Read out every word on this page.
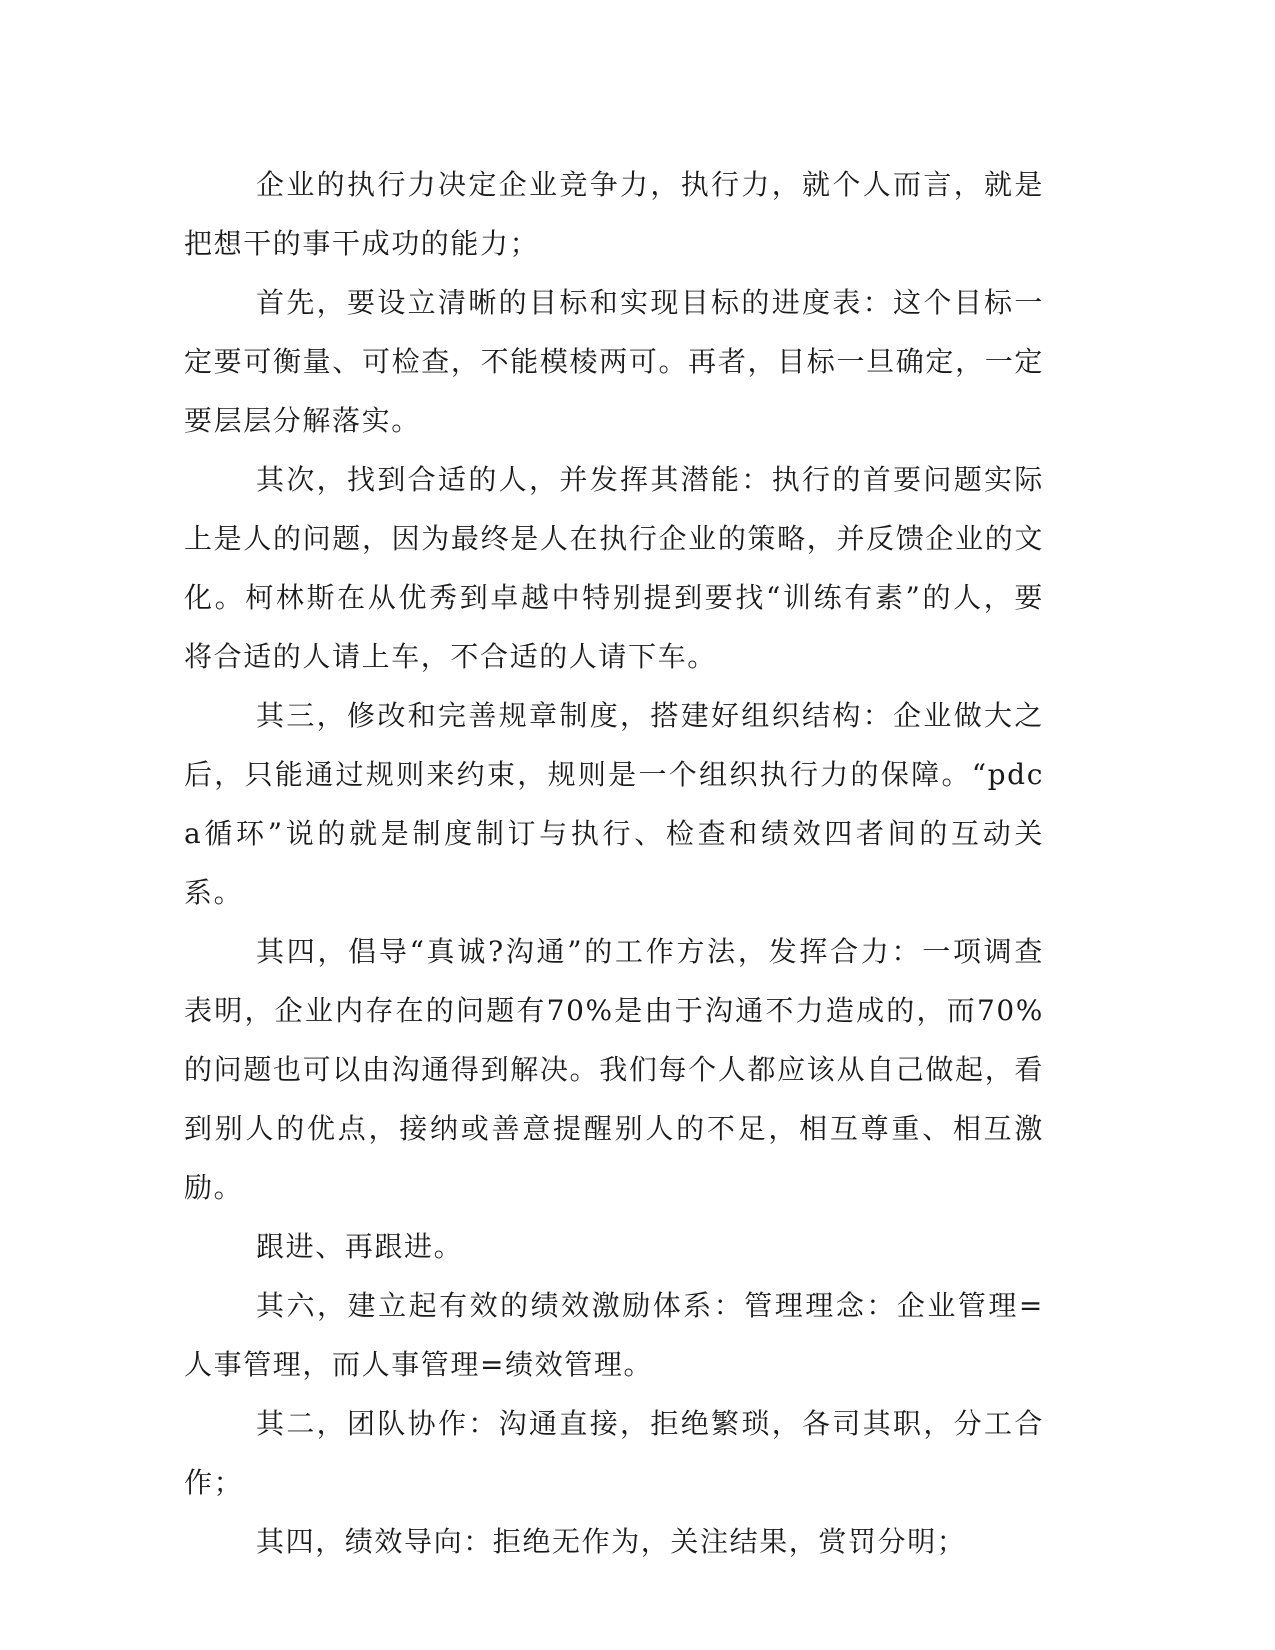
企业的执行力决定企业竞争力，执行力，就个人而言，就是把想干的事干成功的能力；

首先，要设立清晰的目标和实现目标的进度表：这个目标一定要可衡量、可检查，不能模棱两可。再者，目标一旦确定，一定要层层分解落实。

其次，找到合适的人，并发挥其潜能：执行的首要问题实际上是人的问题，因为最终是人在执行企业的策略，并反馈企业的文化。柯林斯在从优秀到卓越中特别提到要找“训练有素”的人，要将合适的人请上车，不合适的人请下车。

其三，修改和完善规章制度，搭建好组织结构：企业做大之后，只能通过规则来约束，规则是一个组织执行力的保障。“pdca循环”说的就是制度制订与执行、检查和绩效四者间的互动关系。

其四，倡导“真诚?沟通”的工作方法，发挥合力：一项调查表明，企业内存在的问题有70%是由于沟通不力造成的，而70%的问题也可以由沟通得到解决。我们每个人都应该从自己做起，看到别人的优点，接纳或善意提醒别人的不足，相互尊重、相互激励。

跟进、再跟进。

其六，建立起有效的绩效激励体系：管理理念：企业管理=人事管理，而人事管理=绩效管理。

其二，团队协作：沟通直接，拒绝繁琐，各司其职，分工合作；

其四，绩效导向：拒绝无作为，关注结果，赏罚分明；
